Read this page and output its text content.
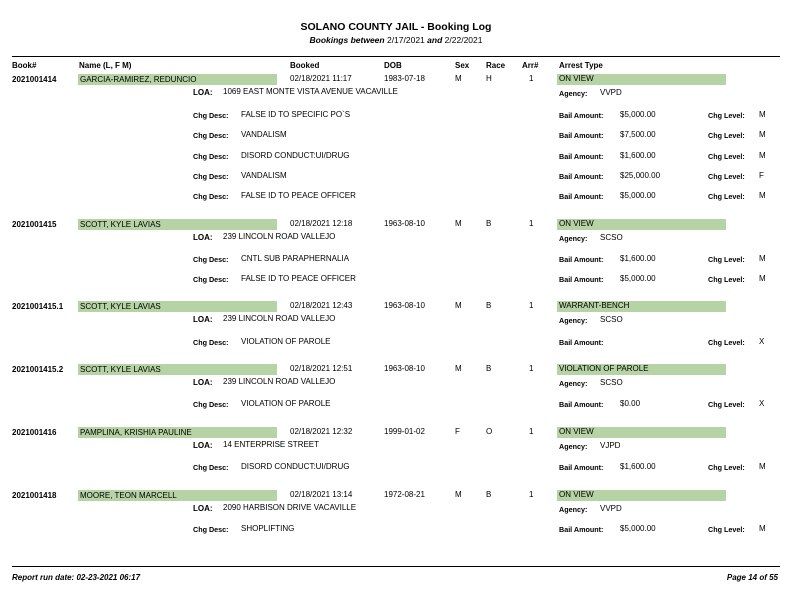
SOLANO COUNTY JAIL - Booking Log
Bookings between 2/17/2021 and 2/22/2021
Book#	Name (L, F M)	Booked	DOB	Sex Race Arr#	Arrest Type
2021001414	GARCIA-RAMIREZ, REDUNCIO	02/18/2021 11:17	1983-07-18	M	H	1	ON VIEW
LOA: 1069 EAST MONTE VISTA AVENUE VACAVILLE	Agency: VVPD
Chg Desc: FALSE ID TO SPECIFIC PO`S	Bail Amount: $5,000.00	Chg Level: M
Chg Desc: VANDALISM	Bail Amount: $7,500.00	Chg Level: M
Chg Desc: DISORD CONDUCT:UI/DRUG	Bail Amount: $1,600.00	Chg Level: M
Chg Desc: VANDALISM	Bail Amount: $25,000.00	Chg Level: F
Chg Desc: FALSE ID TO PEACE OFFICER	Bail Amount: $5,000.00	Chg Level: M
2021001415	SCOTT, KYLE LAVIAS	02/18/2021 12:18	1963-08-10	M	B	1	ON VIEW
LOA: 239 LINCOLN ROAD VALLEJO	Agency: SCSO
Chg Desc: CNTL SUB PARAPHERNALIA	Bail Amount: $1,600.00	Chg Level: M
Chg Desc: FALSE ID TO PEACE OFFICER	Bail Amount: $5,000.00	Chg Level: M
2021001415.1 SCOTT, KYLE LAVIAS	02/18/2021 12:43	1963-08-10	M	B	1	WARRANT-BENCH
LOA: 239 LINCOLN ROAD VALLEJO	Agency: SCSO
Chg Desc: VIOLATION OF PAROLE	Bail Amount:	Chg Level: X
2021001415.2 SCOTT, KYLE LAVIAS	02/18/2021 12:51	1963-08-10	M	B	1	VIOLATION OF PAROLE
LOA: 239 LINCOLN ROAD VALLEJO	Agency: SCSO
Chg Desc: VIOLATION OF PAROLE	Bail Amount: $0.00	Chg Level: X
2021001416	PAMPLINA, KRISHIA PAULINE	02/18/2021 12:32	1999-01-02	F	O	1	ON VIEW
LOA: 14 ENTERPRISE STREET	Agency: VJPD
Chg Desc: DISORD CONDUCT:UI/DRUG	Bail Amount: $1,600.00	Chg Level: M
2021001418	MOORE, TEON MARCELL	02/18/2021 13:14	1972-08-21	M	B	1	ON VIEW
LOA: 2090 HARBISON DRIVE VACAVILLE	Agency: VVPD
Chg Desc: SHOPLIFTING	Bail Amount: $5,000.00	Chg Level: M
Report run date: 02-23-2021 06:17	Page 14 of 55
